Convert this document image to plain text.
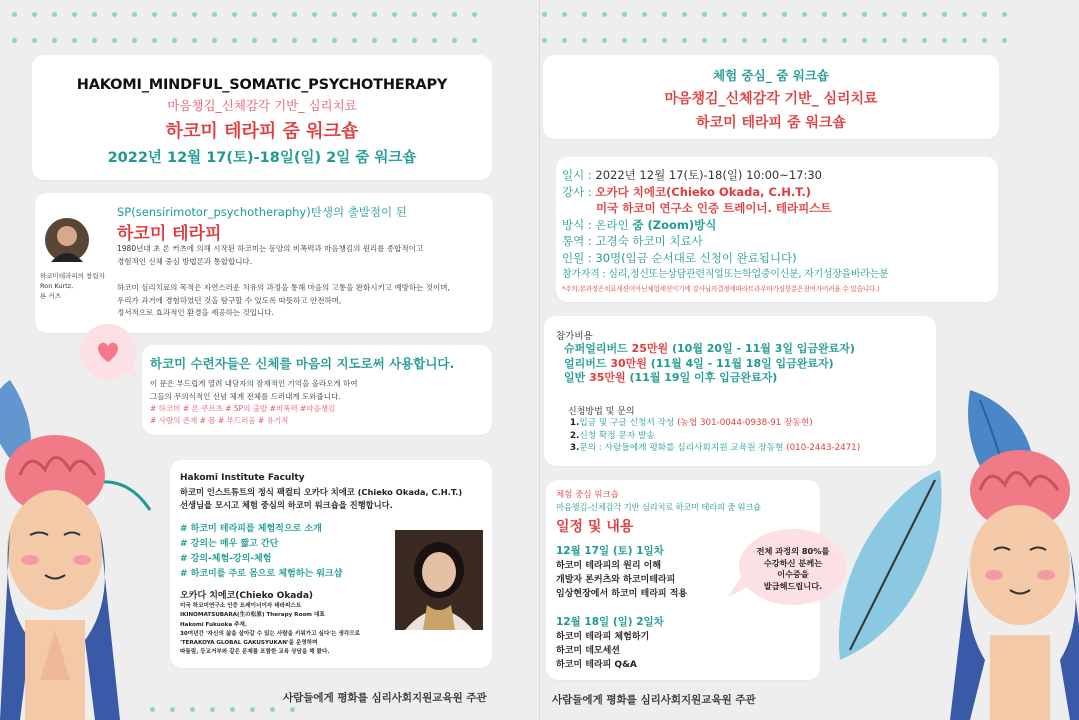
HAKOMI_MINDFUL_SOMATIC_PSYCHOTHERAPY
마음챙김_신체감각 기반_ 심리치료
하코미 테라피 줌 워크숍
2022년 12월 17(토)-18일(일) 2일 줌 워크숍
하코미테라피의 창립자
Ron Kurtz,
론 커츠
SP(sensirimotor_psychotheraphy)탄생의 출발점이 된
하코미 테라피
1980년대 초 론 커츠에 의해 시작된 하코미는 동양의 비폭력과 마음챙김의 원리를 종합적이고
경험적인 신체 중심 방법론과 통합합니다.
하코미 심리치료의 목적은 자연스러운 치유의 과정을 통해 마음의 고통을 완화시키고 예방하는 것이며,
우리가 과거에 경험하였던 것을 탐구할 수 있도록 따뜻하고 안전하며,
정서적으로 효과적인 환경을 제공하는 것입니다.
하코미 수련자들은 신체를 마음의 지도로써 사용합니다.
이 문은 부드럽게 열려 내담자의 잠재적인 기억을 올라오게 하여
그들의 무의식적인 신념 체계 전체를 드러내게 도와줍니다.
# 하코미 # 론 쿠르츠 # SP의 출발 #비폭력 #마음챙김
# 사랑의 존재 # 몸 # 부드러움 # 유기적
Hakomi Institute Faculty
하코미 인스트튜트의 정식 팩컬티 오카다 치에코 (Chieko Okada, C.H.T.)
선생님을 모시고 체험 중심의 하코미 워크숍을 진행합니다.
# 하코미 테라피를 체험적으로 소개
# 강의는 매우 짧고 간단
# 강의-체험-강의-체험
# 하코미를 주로 몸으로 체험하는 워크샵
오카다 치에코(Chieko Okada)
미국 하코미연구소 인증 트레이너이자 테라피스트
IKINOMATSUBARA(生の松原) Therapy Room 대표
Hakomi Fukuoka 주재.
30여년간 '자신의 삶을 살아갈 수 있는 사람을 키워가고 싶다'는 생각으로
'TERAKOYA GLOBAL GAKUSYUKAN'을 운영하며
따돌림, 등교거부와 같은 문제를 포함한 교육 상담을 해 왔다.
사람들에게 평화를 심리사회지원교육원 주관
체험 중심_ 줌 워크숍
마음챙김_신체감각 기반_ 심리치료
하코미 테라피 줌 워크숍
일시 : 2022년 12월 17(토)-18(일) 10:00~17:30
강사 : 오카다 치에코(Chieko Okada, C.H.T.)
미국 하코미 연구소 인증 트레이너. 테라피스트
방식 : 온라인 줌 (Zoom)방식
통역 : 고경숙 하코미 치료사
인원 : 30명(입금 순서대로 신청이 완료됩니다)
참가자격 : 심리,정신또는상담관련직업또는학업중이신분, 자기성장을바라는분
*주의:본과정은치료세션이아닌체험세션이기에 강사님의결정에따라트라우마가심한분은참여가어려울 수 있습니다.)
참가비용
슈퍼얼리버드 25만원 (10월 20일 - 11월 3일 입금완료자)
얼리버드 30만원 (11월 4일 - 11월 18일 입금완료자)
일반 35만원 (11월 19일 이후 입금완료자)
신청방법 및 문의
1.입금 및 구글 신청서 작성 (농협 301-0044-0938-91 장동현)
2.신청 확정 문자 발송
3.문의 : 사람들에게 평화를 심리사회지원 교육원 장동현 (010-2443-2471)
체험 중심 워크숍
마음챙김-신체감각 기반 심리치료 하코미 테라피 줌 워크숍
일정 및 내용
12월 17일 (토) 1일차
하코미 테라피의 원리 이해
개발자 론커츠와 하코미테라피
임상현장에서 하코미 테라피 적용
12월 18일 (일) 2일차
하코미 테라피 체험하기
하코미 데모세션
하코미 테라피 Q&A
전체 과정의 80%를
수강하신 분께는
이수증을
발급해드립니다.
사람들에게 평화를 심리사회지원교육원 주관
